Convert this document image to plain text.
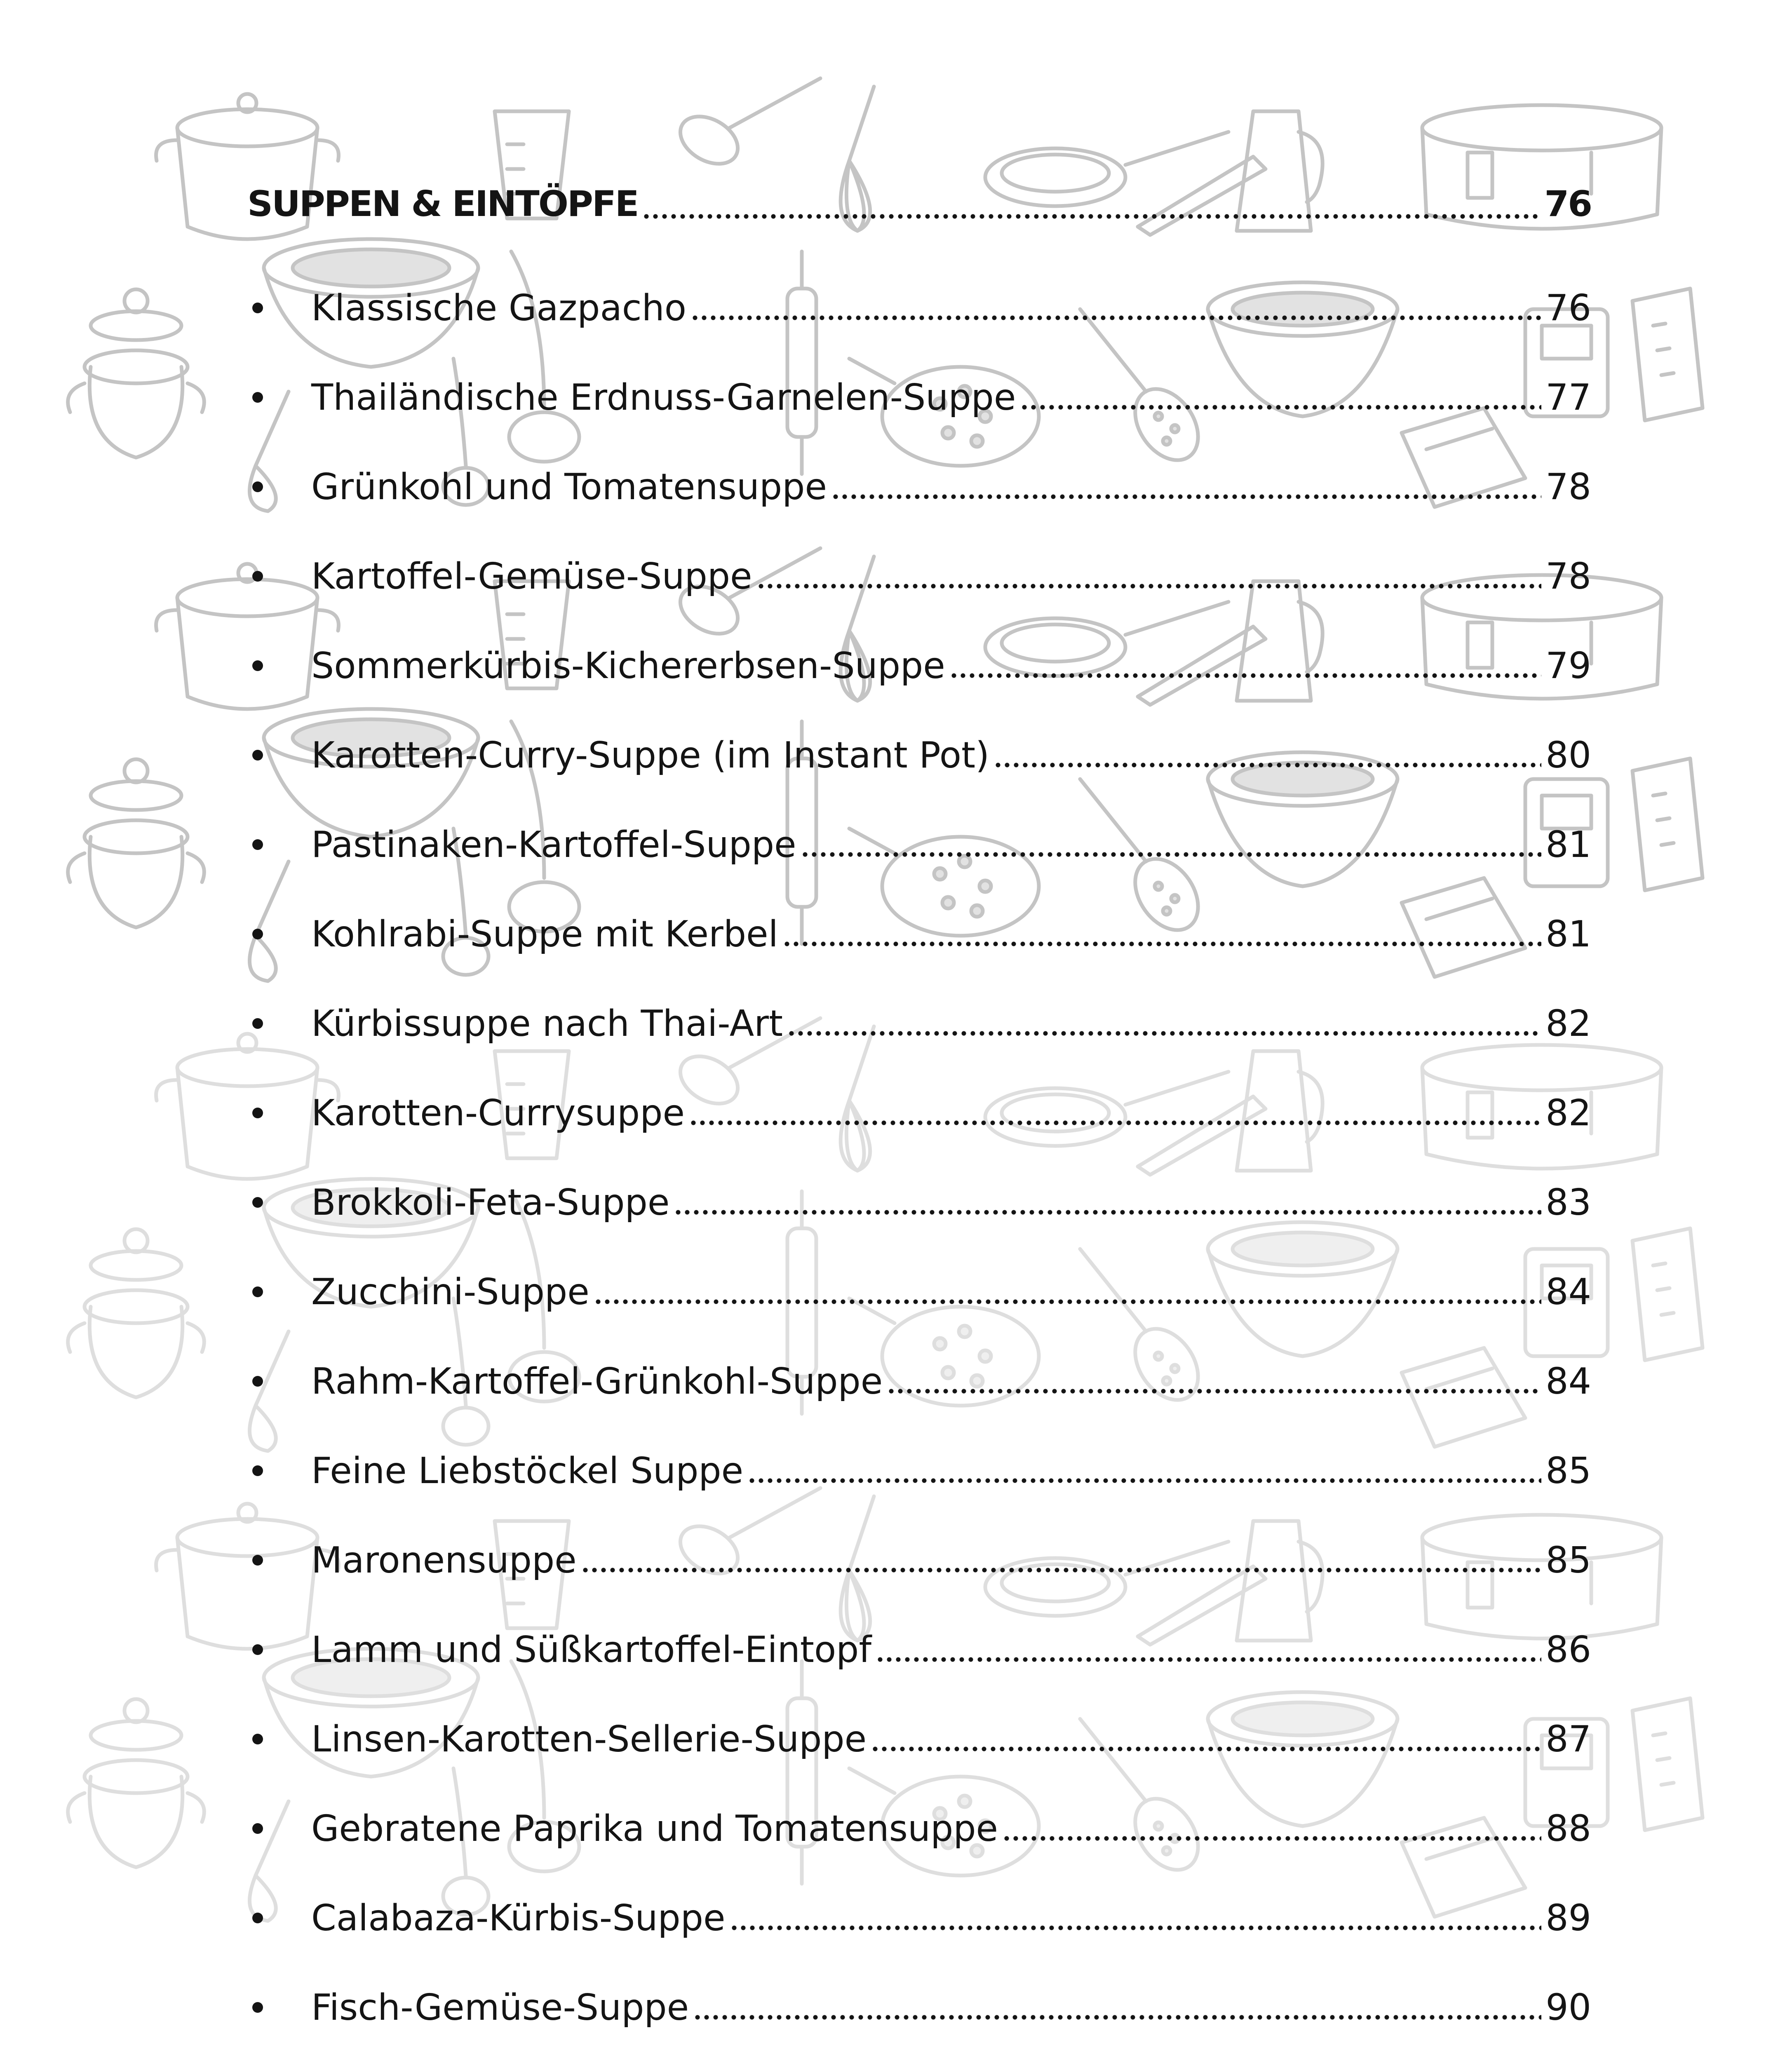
SUPPEN & EINTÖPFE	76
Klassische Gazpacho	76
Thailändische Erdnuss-Garnelen-Suppe	77
Grünkohl und Tomatensuppe	78
Kartoffel-Gemüse-Suppe	78
Sommerkürbis-Kichererbsen-Suppe	79
Karotten-Curry-Suppe (im Instant Pot)	80
Pastinaken-Kartoffel-Suppe	81
Kohlrabi-Suppe mit Kerbel	81
Kürbissuppe nach Thai-Art	82
Karotten-Currysuppe	82
Brokkoli-Feta-Suppe	83
Zucchini-Suppe	84
Rahm-Kartoffel-Grünkohl-Suppe	84
Feine Liebstöckel Suppe	85
Maronensuppe	85
Lamm und Süßkartoffel-Eintopf	86
Linsen-Karotten-Sellerie-Suppe	87
Gebratene Paprika und Tomatensuppe	88
Calabaza-Kürbis-Suppe	89
Fisch-Gemüse-Suppe	90
